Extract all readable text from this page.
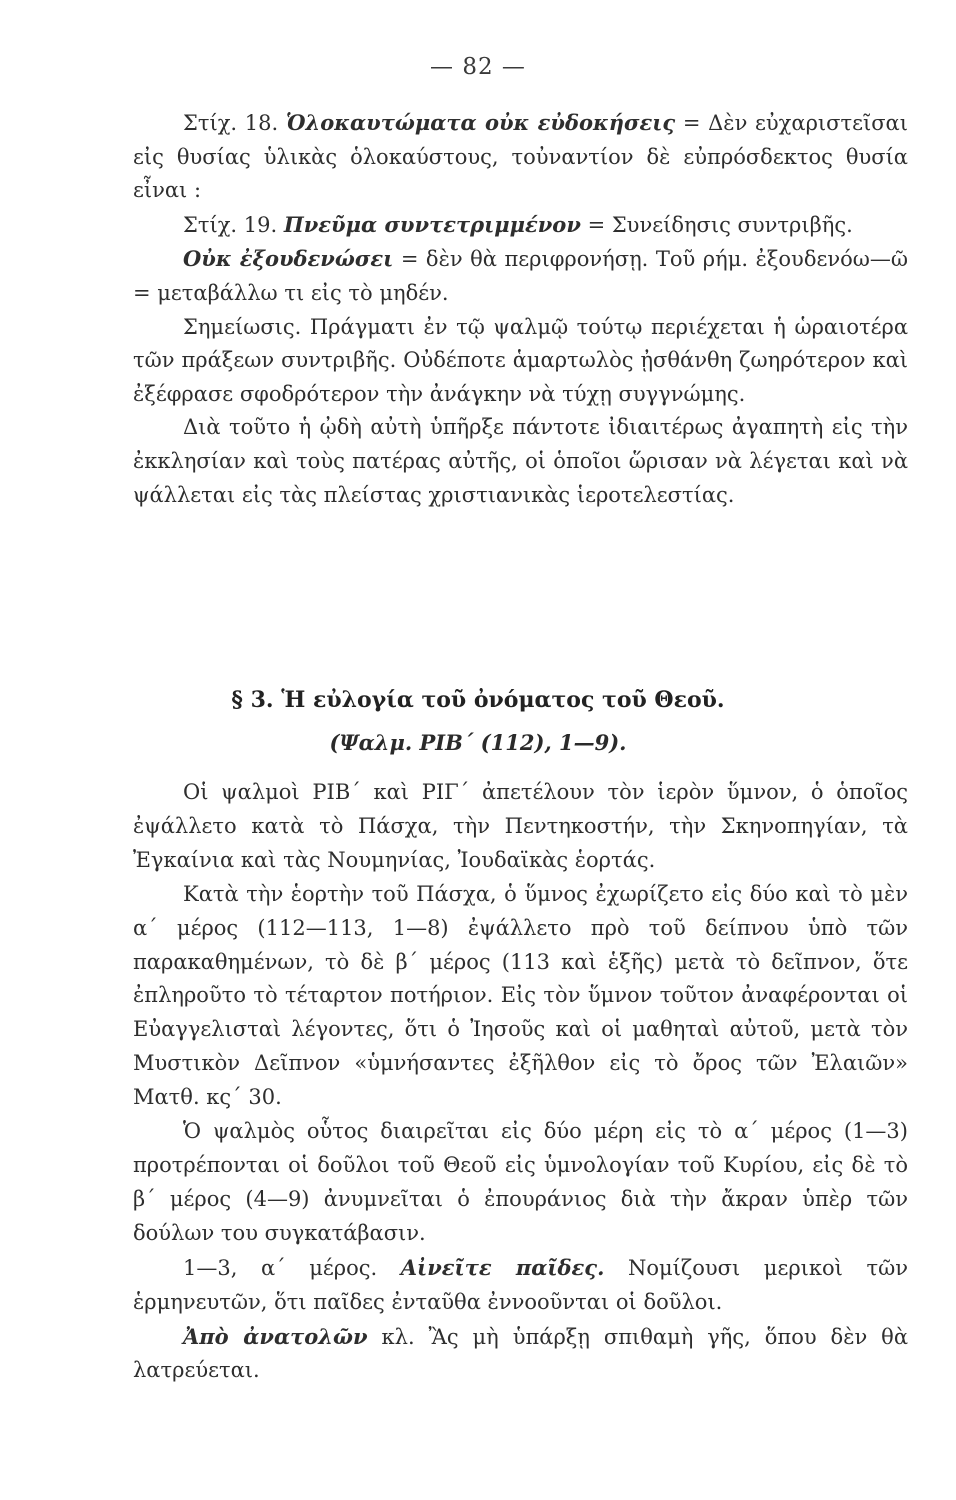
— 82 —

Στίχ. 18. Ὁλοκαυτώματα οὐκ εὐδοκήσεις = Δὲν εὐχαριστεῖσαι εἰς θυσίας ὑλικὰς ὁλοκαύστους, τοὐναντίον δὲ εὐπρόσδεκτος θυσία εἶναι :

Στίχ. 19. Πνεῦμα συντετριμμένον = Συνείδησις συντριβῆς.

Οὐκ ἐξουδενώσει = δὲν θὰ περιφρονήσῃ. Τοῦ ρήμ. ἐξουδενόω—ῶ = μεταβάλλω τι εἰς τὸ μηδέν.

Σημείωσις. Πράγματι ἐν τῷ ψαλμῷ τούτῳ περιέχεται ἡ ὡραιοτέρα τῶν πράξεων συντριβῆς. Οὐδέποτε ἁμαρτωλὸς ᾐσθάνθη ζωηρότερον καὶ ἐξέφρασε σφοδρότερον τὴν ἀνάγκην νὰ τύχῃ συγγνώμης.

Διὰ τοῦτο ἡ ᾠδὴ αὐτὴ ὑπῆρξε πάντοτε ἰδιαιτέρως ἀγαπητὴ εἰς τὴν ἐκκλησίαν καὶ τοὺς πατέρας αὐτῆς, οἱ ὁποῖοι ὥρισαν νὰ λέγεται καὶ νὰ ψάλλεται εἰς τὰς πλείστας χριστιανικὰς ἱεροτελεστίας.

§ 3. Ἡ εὐλογία τοῦ ὀνόματος τοῦ Θεοῦ.
(Ψαλμ. ΡΙΒ΄ (112), 1—9).

Οἱ ψαλμοὶ ΡΙΒ΄ καὶ ΡΙΓ΄ ἀπετέλουν τὸν ἱερὸν ὕμνον, ὁ ὁποῖος ἐψάλλετο κατὰ τὸ Πάσχα, τὴν Πεντηκοστήν, τὴν Σκηνοπηγίαν, τὰ Ἐγκαίνια καὶ τὰς Νουμηνίας, Ἰουδαϊκὰς ἑορτάς.

Κατὰ τὴν ἑορτὴν τοῦ Πάσχα, ὁ ὕμνος ἐχωρίζετο εἰς δύο καὶ τὸ μὲν α΄ μέρος (112—113, 1—8) ἐψάλλετο πρὸ τοῦ δείπνου ὑπὸ τῶν παρακαθημένων, τὸ δὲ β΄ μέρος (113 καὶ ἑξῆς) μετὰ τὸ δεῖπνον, ὅτε ἐπληροῦτο τὸ τέταρτον ποτήριον. Εἰς τὸν ὕμνον τοῦτον ἀναφέρονται οἱ Εὐαγγελισταὶ λέγοντες, ὅτι ὁ Ἰησοῦς καὶ οἱ μαθηταὶ αὐτοῦ, μετὰ τὸν Μυστικὸν Δεῖπνον «ὑμνήσαντες ἐξῆλθον εἰς τὸ ὄρος τῶν Ἐλαιῶν» Ματθ. κς΄ 30.

Ὁ ψαλμὸς οὗτος διαιρεῖται εἰς δύο μέρη εἰς τὸ α΄ μέρος (1—3) προτρέπονται οἱ δοῦλοι τοῦ Θεοῦ εἰς ὑμνολογίαν τοῦ Κυρίου, εἰς δὲ τὸ β΄ μέρος (4—9) ἀνυμνεῖται ὁ ἐπουράνιος διὰ τὴν ἄκραν ὑπὲρ τῶν δούλων του συγκατάβασιν.

1—3, α΄ μέρος. Αἰνεῖτε παῖδες. Νομίζουσι μερικοὶ τῶν ἑρμηνευτῶν, ὅτι παῖδες ἐνταῦθα ἐννοοῦνται οἱ δοῦλοι.

Ἀπὸ ἀνατολῶν κλ. Ἂς μὴ ὑπάρξῃ σπιθαμὴ γῆς, ὅπου δὲν θὰ λατρεύεται.
